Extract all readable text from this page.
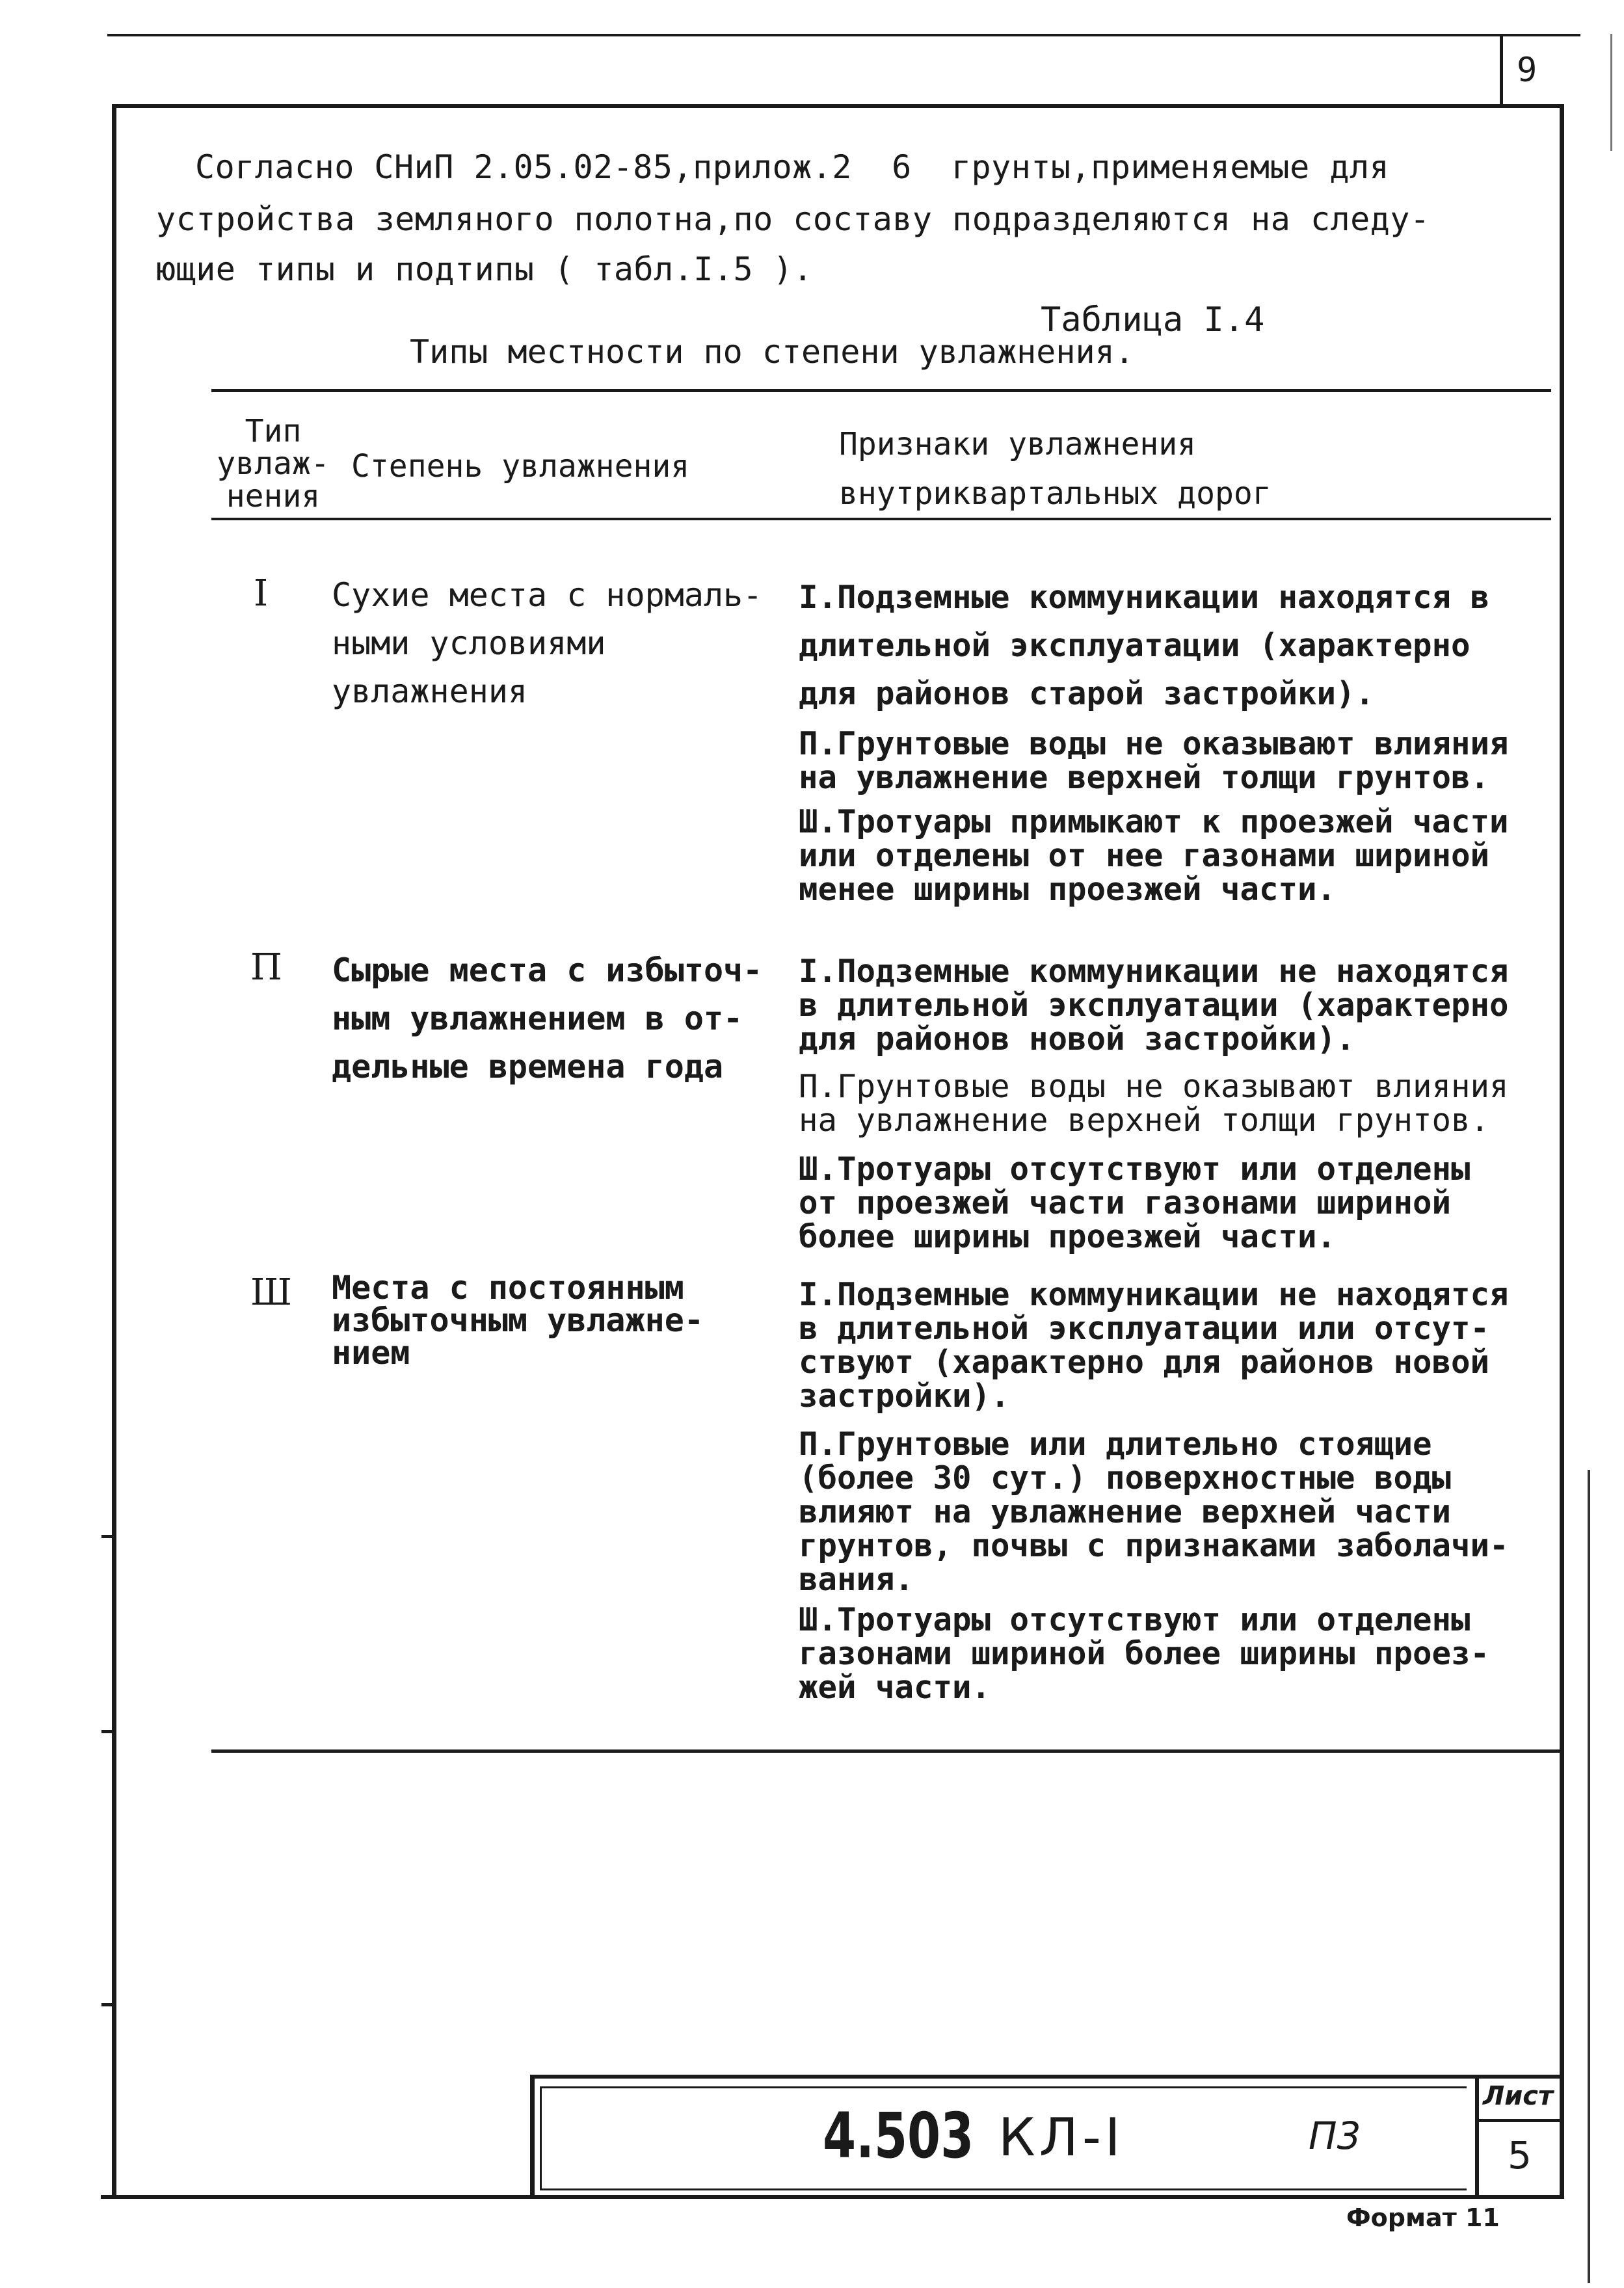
9
Согласно СНиП 2.05.02-85,прилож.2  6  грунты,применяемые для
устройства земляного полотна,по составу подразделяются на следу-
ющие типы и подтипы ( табл.I.5 ).
Таблица I.4
Типы местности по степени увлажнения.
Тип
увлаж-
нения
Степень увлажнения
Признаки увлажнения
внутриквартальных дорог
I Сухие места с нормаль-
ными условиями
увлажнения
I.Подземные коммуникации находятся в
длительной эксплуатации (характерно
для районов старой застройки).
П.Грунтовые воды не оказывают влияния
на увлажнение верхней толщи грунтов.
Ш.Тротуары примыкают к проезжей части
или отделены от нее газонами шириной
менее ширины проезжей части.
П Сырые места с избыточ-
ным увлажнением в от-
дельные времена года
I.Подземные коммуникации не находятся
в длительной эксплуатации (характерно
для районов новой застройки).
П.Грунтовые воды не оказывают влияния
на увлажнение верхней толщи грунтов.
Ш.Тротуары отсутствуют или отделены
от проезжей части газонами шириной
более ширины проезжей части.
Ш Места с постоянным
избыточным увлажне-
нием
I.Подземные коммуникации не находятся
в длительной эксплуатации или отсут-
ствуют (характерно для районов новой
застройки).
П.Грунтовые или длительно стоящие
(более 30 сут.) поверхностные воды
влияют на увлажнение верхней части
грунтов, почвы с признаками заболачи-
вания.
Ш.Тротуары отсутствуют или отделены
газонами шириной более ширины проез-
жей части.
4.503 КЛ-I	П3
Лист
5
Формат 11
